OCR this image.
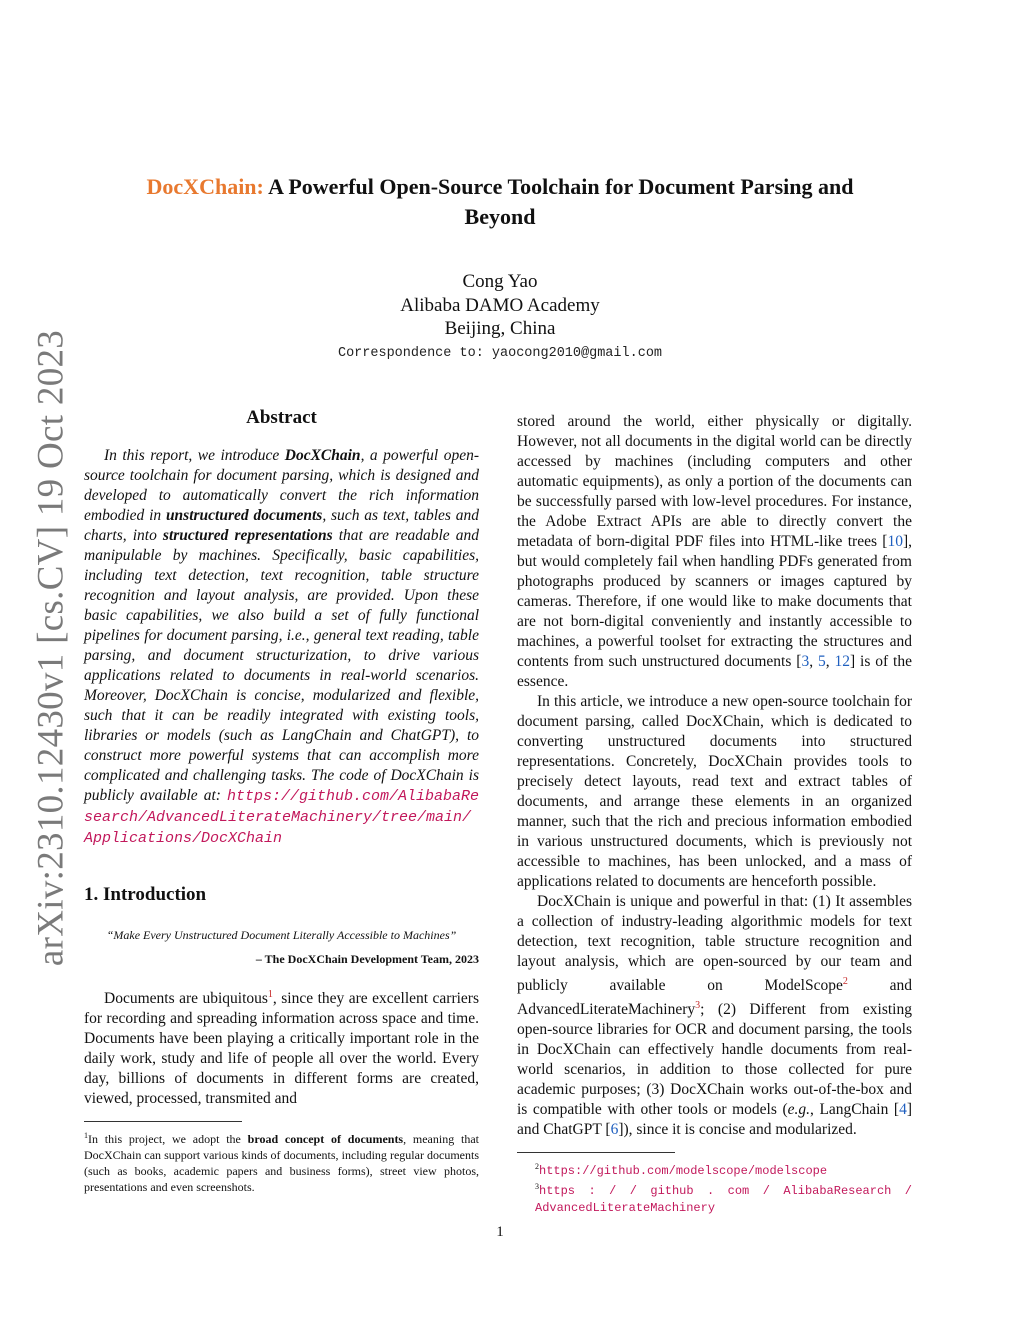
arXiv:2310.12430v1 [cs.CV] 19 Oct 2023
DocXChain: A Powerful Open-Source Toolchain for Document Parsing and
Beyond
Cong Yao
Alibaba DAMO Academy
Beijing, China
Correspondence to: yaocong2010@gmail.com
Abstract

In this report, we introduce DocXChain, a powerful open-source toolchain for document parsing, which is designed and developed to automatically convert the rich information embodied in unstructured documents, such as text, tables and charts, into structured representations that are readable and manipulable by machines. Specifically, basic capabilities, including text detection, text recognition, table structure recognition and layout analysis, are provided. Upon these basic capabilities, we also build a set of fully functional pipelines for document parsing, i.e., general text reading, table parsing, and document structurization, to drive various applications related to documents in real-world scenarios. Moreover, DocXChain is concise, modularized and flexible, such that it can be readily integrated with existing tools, libraries or models (such as LangChain and ChatGPT), to construct more powerful systems that can accomplish more complicated and challenging tasks. The code of DocXChain is publicly available at: https://github.com/AlibabaResearch/AdvancedLiterateMachinery/tree/main/Applications/DocXChain

1. Introduction

“Make Every Unstructured Document Literally Accessible to Machines”

– The DocXChain Development Team, 2023

Documents are ubiquitous$^1$, since they are excellent carriers for recording and spreading information across space and time. Documents have been playing a critically important role in the daily work, study and life of people all over the world. Every day, billions of documents in different forms are created, viewed, processed, transmited and

$^1$In this project, we adopt the broad concept of documents, meaning that DocXChain can support various kinds of documents, including regular documents (such as books, academic papers and business forms), street view photos, presentations and even screenshots.

stored around the world, either physically or digitally. However, not all documents in the digital world can be directly accessed by machines (including computers and other automatic equipments), as only a portion of the documents can be successfully parsed with low-level procedures. For instance, the Adobe Extract APIs are able to directly convert the metadata of born-digital PDF files into HTML-like trees [10], but would completely fail when handling PDFs generated from photographs produced by scanners or images captured by cameras. Therefore, if one would like to make documents that are not born-digital conveniently and instantly accessible to machines, a powerful toolset for extracting the structures and contents from such unstructured documents [3, 5, 12] is of the essence.

In this article, we introduce a new open-source toolchain for document parsing, called DocXChain, which is dedicated to converting unstructured documents into structured representations. Concretely, DocXChain provides tools to precisely detect layouts, read text and extract tables of documents, and arrange these elements in an organized manner, such that the rich and precious information embodied in various unstructured documents, which is previously not accessible to machines, has been unlocked, and a mass of applications related to documents are henceforth possible.

DocXChain is unique and powerful in that: (1) It assembles a collection of industry-leading algorithmic models for text detection, text recognition, table structure recognition and layout analysis, which are open-sourced by our team and publicly available on ModelScope$^2$ and AdvancedLiterateMachinery$^3$; (2) Different from existing open-source libraries for OCR and document parsing, the tools in DocXChain can effectively handle documents from real-world scenarios, in addition to those collected for pure academic purposes; (3) DocXChain works out-of-the-box and is compatible with other tools or models (e.g., LangChain [4] and ChatGPT [6]), since it is concise and modularized.

$^2$https://github.com/modelscope/modelscope

$^3$https : / / github . com / AlibabaResearch / AdvancedLiterateMachinery

1
